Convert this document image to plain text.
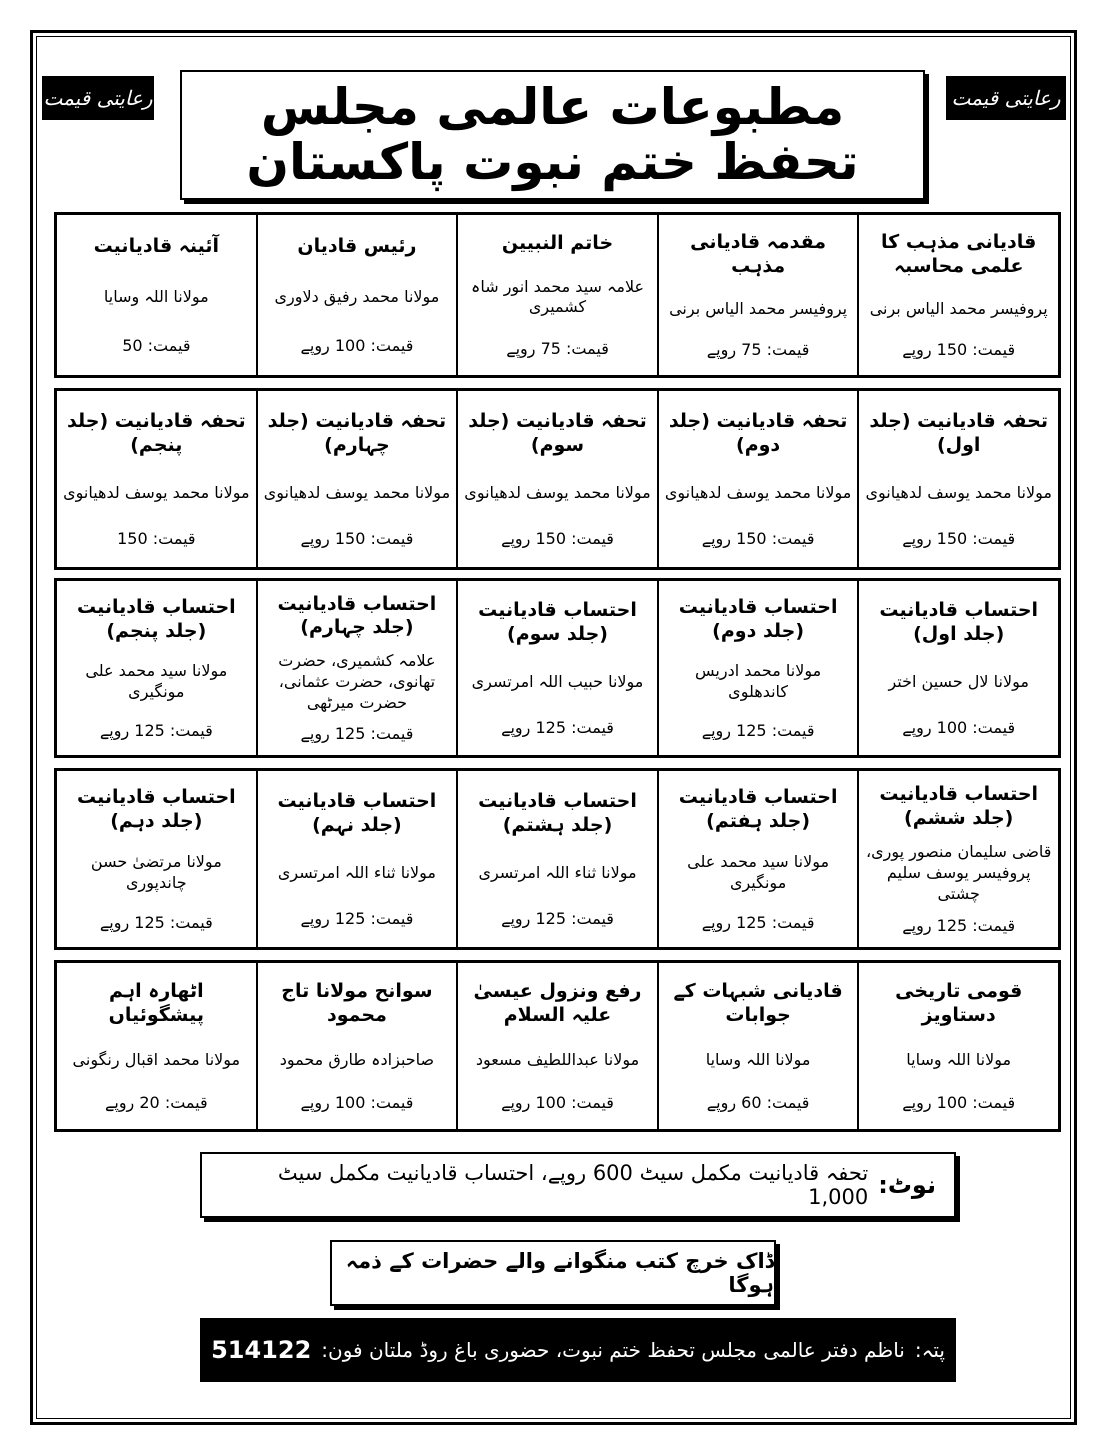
رعایتی قیمت	رعایتی قیمت
مطبوعات عالمی مجلس تحفظ ختم نبوت پاکستان
قادیانی مذہب کا علمی محاسبہ
پروفیسر محمد الیاس برنی
قیمت: 150 روپے
مقدمہ قادیانی مذہب
پروفیسر محمد الیاس برنی
قیمت: 75 روپے
خاتم النبیین
علامہ سید محمد انور شاہ کشمیری
قیمت: 75 روپے
رئیس قادیان
مولانا محمد رفیق دلاوری
قیمت: 100 روپے
آئینہ قادیانیت
مولانا اللہ وسایا
قیمت: 50
تحفہ قادیانیت (جلد اول)
مولانا محمد یوسف لدھیانوی
قیمت: 150 روپے
تحفہ قادیانیت (جلد دوم)
مولانا محمد یوسف لدھیانوی
قیمت: 150 روپے
تحفہ قادیانیت (جلد سوم)
مولانا محمد یوسف لدھیانوی
قیمت: 150 روپے
تحفہ قادیانیت (جلد چہارم)
مولانا محمد یوسف لدھیانوی
قیمت: 150 روپے
تحفہ قادیانیت (جلد پنجم)
مولانا محمد یوسف لدھیانوی
قیمت: 150
احتساب قادیانیت (جلد اول)
مولانا لال حسین اختر
قیمت: 100 روپے
احتساب قادیانیت (جلد دوم)
مولانا محمد ادریس کاندھلوی
قیمت: 125 روپے
احتساب قادیانیت (جلد سوم)
مولانا حبیب اللہ امرتسری
قیمت: 125 روپے
احتساب قادیانیت (جلد چہارم)
علامہ کشمیری، حضرت تھانوی، حضرت عثمانی، حضرت میرٹھی
قیمت: 125 روپے
احتساب قادیانیت (جلد پنجم)
مولانا سید محمد علی مونگیری
قیمت: 125 روپے
احتساب قادیانیت (جلد ششم)
قاضی سلیمان منصور پوری، پروفیسر یوسف سلیم چشتی
قیمت: 125 روپے
احتساب قادیانیت (جلد ہفتم)
مولانا سید محمد علی مونگیری
قیمت: 125 روپے
احتساب قادیانیت (جلد ہشتم)
مولانا ثناء اللہ امرتسری
قیمت: 125 روپے
احتساب قادیانیت (جلد نہم)
مولانا ثناء اللہ امرتسری
قیمت: 125 روپے
احتساب قادیانیت (جلد دہم)
مولانا مرتضیٰ حسن چاندپوری
قیمت: 125 روپے
قومی تاریخی دستاویز
مولانا اللہ وسایا
قیمت: 100 روپے
قادیانی شبہات کے جوابات
مولانا اللہ وسایا
قیمت: 60 روپے
رفع ونزول عیسیٰ علیہ السلام
مولانا عبداللطیف مسعود
قیمت: 100 روپے
سوانح مولانا تاج محمود
صاحبزادہ طارق محمود
قیمت: 100 روپے
اٹھارہ اہم پیشگوئیاں
مولانا محمد اقبال رنگونی
قیمت: 20 روپے
نوٹ:
تحفہ قادیانیت مکمل سیٹ 600 روپے، احتساب قادیانیت مکمل سیٹ 1,000
ڈاک خرچ کتب منگوانے والے حضرات کے ذمہ ہوگا
پتہ:
ناظم دفتر عالمی مجلس تحفظ ختم نبوت، حضوری باغ روڈ ملتان فون:
514122
